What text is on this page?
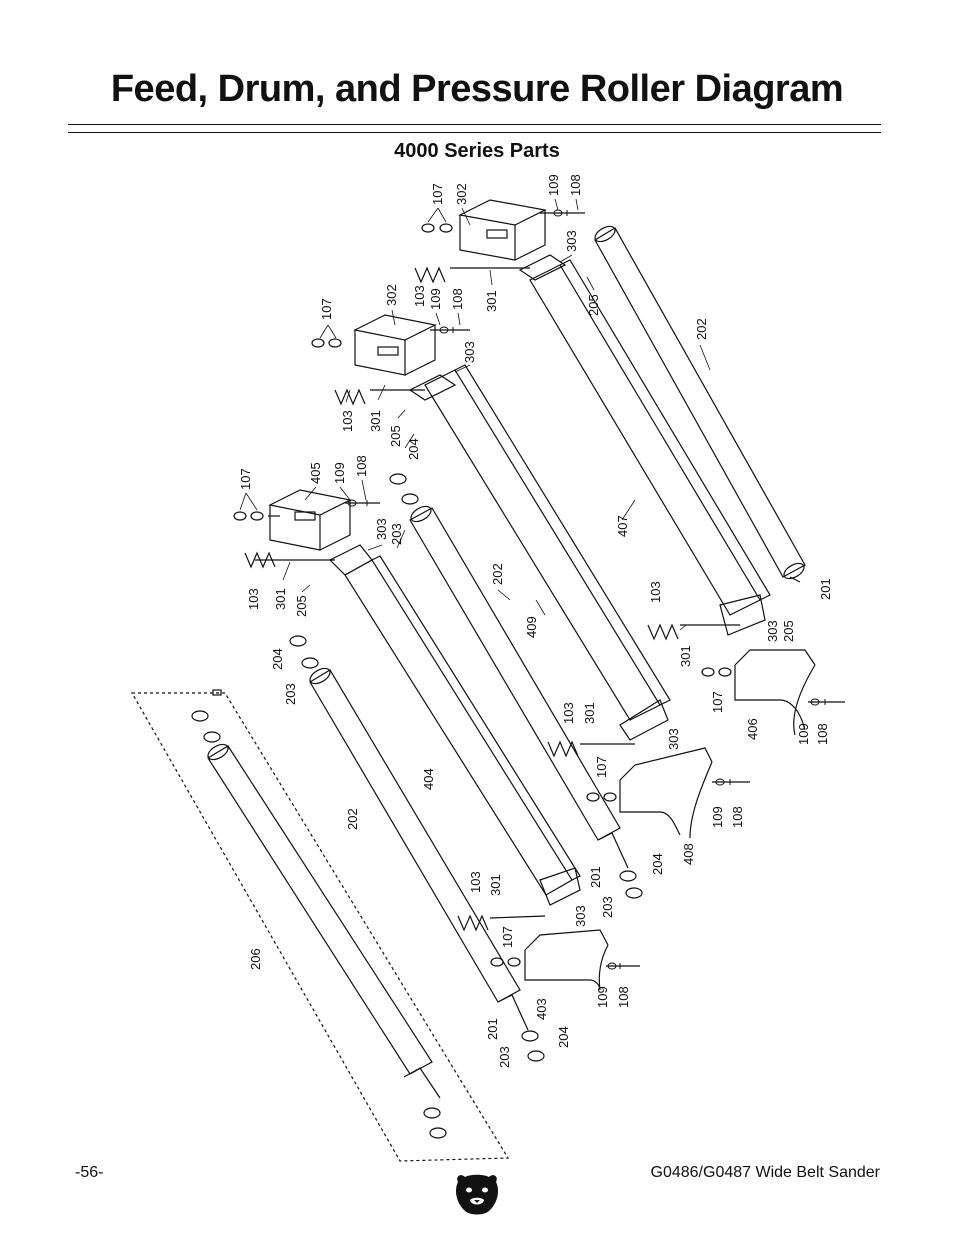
Feed, Drum, and Pressure Roller Diagram
4000 Series Parts
107 302	109 108
303
301
103	205
202
107
302 109 108
303
301
103
205
204
107	405 109 108
303 203
103 301 205
407
202
201
204
203
409
103
301
303 205
107
406	109 108
103 301
303
107
404
202	109 108
408
201
203
204
103 301
303
206
107
403
109 108
201
203
204
-56-	G0486/G0487 Wide Belt Sander
